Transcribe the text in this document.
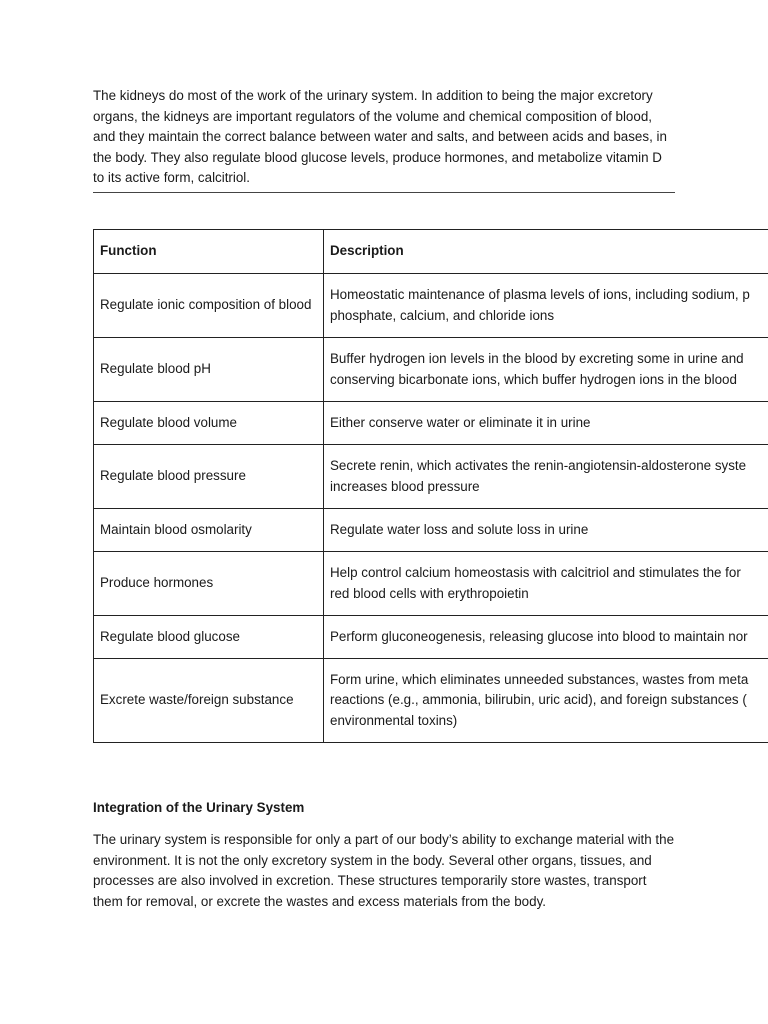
The kidneys do most of the work of the urinary system. In addition to being the major excretory organs, the kidneys are important regulators of the volume and chemical composition of blood, and they maintain the correct balance between water and salts, and between acids and bases, in the body. They also regulate blood glucose levels, produce hormones, and metabolize vitamin D to its active form, calcitriol.

Function	Description
Regulate ionic composition of blood	Homeostatic maintenance of plasma levels of ions, including sodium, p
phosphate, calcium, and chloride ions

Regulate blood pH	Buffer hydrogen ion levels in the blood by excreting some in urine and
conserving bicarbonate ions, which buffer hydrogen ions in the blood

Regulate blood volume	Either conserve water or eliminate it in urine

Regulate blood pressure	Secrete renin, which activates the renin-angiotensin-aldosterone syste
increases blood pressure

Maintain blood osmolarity	Regulate water loss and solute loss in urine

Produce hormones	Help control calcium homeostasis with calcitriol and stimulates the for
red blood cells with erythropoietin

Regulate blood glucose	Perform gluconeogenesis, releasing glucose into blood to maintain nor

Excrete waste/foreign substance	Form urine, which eliminates unneeded substances, wastes from meta
reactions (e.g., ammonia, bilirubin, uric acid), and foreign substances (
environmental toxins)
Integration of the Urinary System

The urinary system is responsible for only a part of our body’s ability to exchange material with the environment. It is not the only excretory system in the body. Several other organs, tissues, and processes are also involved in excretion. These structures temporarily store wastes, transport them for removal, or excrete the wastes and excess materials from the body.
